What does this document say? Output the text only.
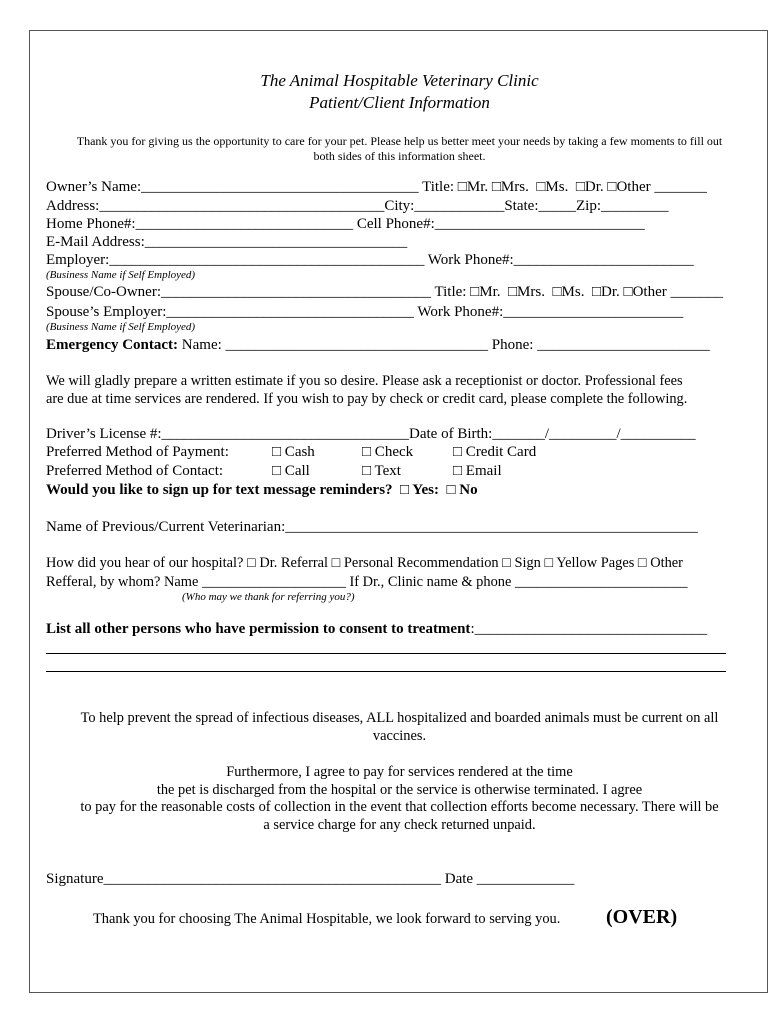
The Animal Hospitable Veterinary Clinic
Patient/Client Information
Thank you for giving us the opportunity to care for your pet. Please help us better meet your needs by taking a few moments to fill out
both sides of this information sheet.
Owner’s Name:_____________________________________ Title: □Mr. □Mrs.  □Ms.  □Dr. □Other _______
Address:______________________________________City:____________State:_____Zip:_________
Home Phone#:_____________________________ Cell Phone#:____________________________
E-Mail Address:___________________________________
Employer:__________________________________________ Work Phone#:________________________
(Business Name if Self Employed)
Spouse/Co-Owner:____________________________________ Title: □Mr.  □Mrs.  □Ms.  □Dr. □Other _______
Spouse’s Employer:_________________________________ Work Phone#:________________________
(Business Name if Self Employed)
Emergency Contact: Name: ___________________________________ Phone: _______________________
We will gladly prepare a written estimate if you so desire. Please ask a receptionist or doctor. Professional fees
are due at time services are rendered. If you wish to pay by check or credit card, please complete the following.
Driver’s License #:_________________________________Date of Birth:_______/_________/__________
Preferred Method of Payment:	□ Cash	□ Check	□ Credit Card
Preferred Method of Contact:	□ Call	□ Text	□ Email
Would you like to sign up for text message reminders?  □ Yes:  □ No
Name of Previous/Current Veterinarian:_______________________________________________________
How did you hear of our hospital? □ Dr. Referral □ Personal Recommendation □ Sign □ Yellow Pages □ Other
Refferal, by whom? Name ____________________ If Dr., Clinic name & phone ________________________
(Who may we thank for referring you?)
List all other persons who have permission to consent to treatment:_______________________________
To help prevent the spread of infectious diseases, ALL hospitalized and boarded animals must be current on all
vaccines.
Furthermore, I agree to pay for services rendered at the time
the pet is discharged from the hospital or the service is otherwise terminated. I agree
to pay for the reasonable costs of collection in the event that collection efforts become necessary. There will be
a service charge for any check returned unpaid.
Signature_____________________________________________ Date _____________
Thank you for choosing The Animal Hospitable, we look forward to serving you. (OVER)
